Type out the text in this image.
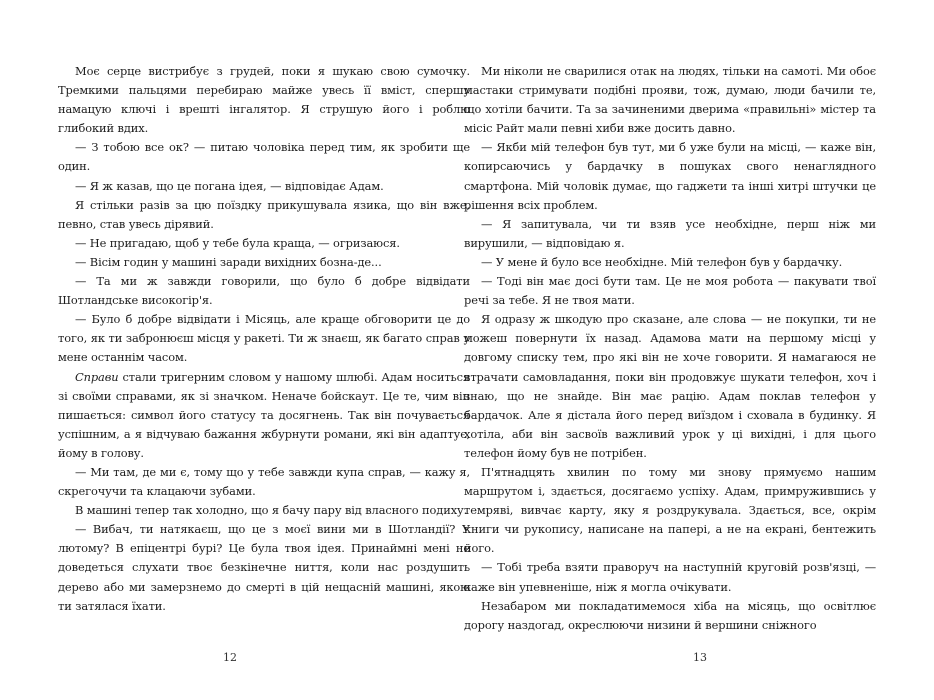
Моє серце вистрибує з грудей, поки я шукаю свою сумочку. Тремкими пальцями перебираю майже увесь її вміст, спершу намацую ключі і врешті інгалятор. Я струшую його і роблю глибокий вдих.

— З тобою все ок? — питаю чоловіка перед тим, як зробити ще один.

— Я ж казав, що це погана ідея, — відповідає Адам.

Я стільки разів за цю поїздку прикушувала язика, що він вже, певно, став увесь дірявий.

— Не пригадаю, щоб у тебе була краща, — огризаюся.

— Вісім годин у машині заради вихідних бозна-де...

— Та ми ж завжди говорили, що було б добре відвідати Шотландське високогір'я.

— Було б добре відвідати і Місяць, але краще обговорити це до того, як ти забронюєш місця у ракеті. Ти ж знаєш, як багато справ у мене останнім часом.

Справи стали тригерним словом у нашому шлюбі. Адам носиться зі своїми справами, як зі значком. Неначе бойскаут. Це те, чим він пишається: символ його статусу та досягнень. Так він почувається успішним, а я відчуваю бажання жбурнути романи, які він адаптує, йому в голову.

— Ми там, де ми є, тому що у тебе завжди купа справ, — кажу я, скрегочучи та клацаючи зубами.

В машині тепер так холодно, що я бачу пару від власного подиху.

— Вибач, ти натякаєш, що це з моєї вини ми в Шотландії? У лютому? В епіцентрі бурі? Це була твоя ідея. Принаймні мені не доведеться слухати твоє безкінечне ниття, коли нас роздушить дерево або ми замерзнемо до смерті в цій нещасній машині, якою ти затялася їхати.

Ми ніколи не сварилися отак на людях, тільки на самоті. Ми обоє мастаки стримувати подібні прояви, тож, думаю, люди бачили те, що хотіли бачити. Та за зачиненими дверима «правильні» містер та місіс Райт мали певні хиби вже досить давно.

— Якби мій телефон був тут, ми б уже були на місці, — каже він, копирсаючись у бардачку в пошуках свого ненаглядного смартфона. Мій чоловік думає, що гаджети та інші хитрі штучки це рішення всіх проблем.

— Я запитувала, чи ти взяв усе необхідне, перш ніж ми вирушили, — відповідаю я.

— У мене й було все необхідне. Мій телефон був у бардачку.

— Тоді він має досі бути там. Це не моя робота — пакувати твої речі за тебе. Я не твоя мати.

Я одразу ж шкодую про сказане, але слова — не покупки, ти не можеш повернути їх назад. Адамова мати на першому місці у довгому списку тем, про які він не хоче говорити. Я намагаюся не втрачати самовладання, поки він продовжує шукати телефон, хоч і знаю, що не знайде. Він має рацію. Адам поклав телефон у бардачок. Але я дістала його перед виїздом і сховала в будинку. Я хотіла, аби він засвоїв важливий урок у ці вихідні, і для цього телефон йому був не потрібен.

П'ятнадцять хвилин по тому ми знову прямуємо нашим маршрутом і, здається, досягаємо успіху. Адам, примружившись у темряві, вивчає карту, яку я роздрукувала. Здається, все, окрім книги чи рукопису, написане на папері, а не на екрані, бентежить його.

— Тобі треба взяти праворуч на наступній круговій розв'язці, — каже він упевненіше, ніж я могла очікувати.

Незабаром ми покладатимемося хіба на місяць, що освітлює дорогу наздогад, окреслюючи низини й вершини сніжного

12	13
